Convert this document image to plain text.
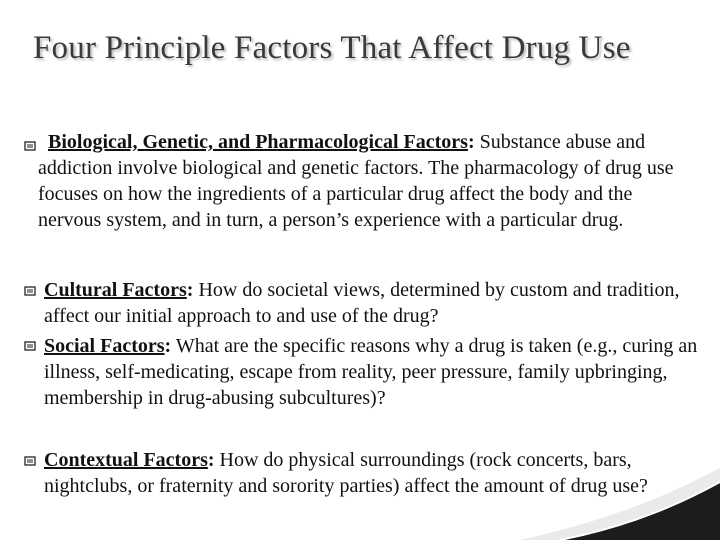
Four Principle Factors That Affect Drug Use
Biological, Genetic, and Pharmacological Factors: Substance abuse and addiction involve biological and genetic factors. The pharmacology of drug use focuses on how the ingredients of a particular drug affect the body and the nervous system, and in turn, a person’s experience with a particular drug.
Cultural Factors: How do societal views, determined by custom and tradition, affect our initial approach to and use of the drug?
Social Factors: What are the specific reasons why a drug is taken (e.g., curing an illness, self-medicating, escape from reality, peer pressure, family upbringing, membership in drug-abusing subcultures)?
Contextual Factors: How do physical surroundings (rock concerts, bars, nightclubs, or fraternity and sorority parties) affect the amount of drug use?
